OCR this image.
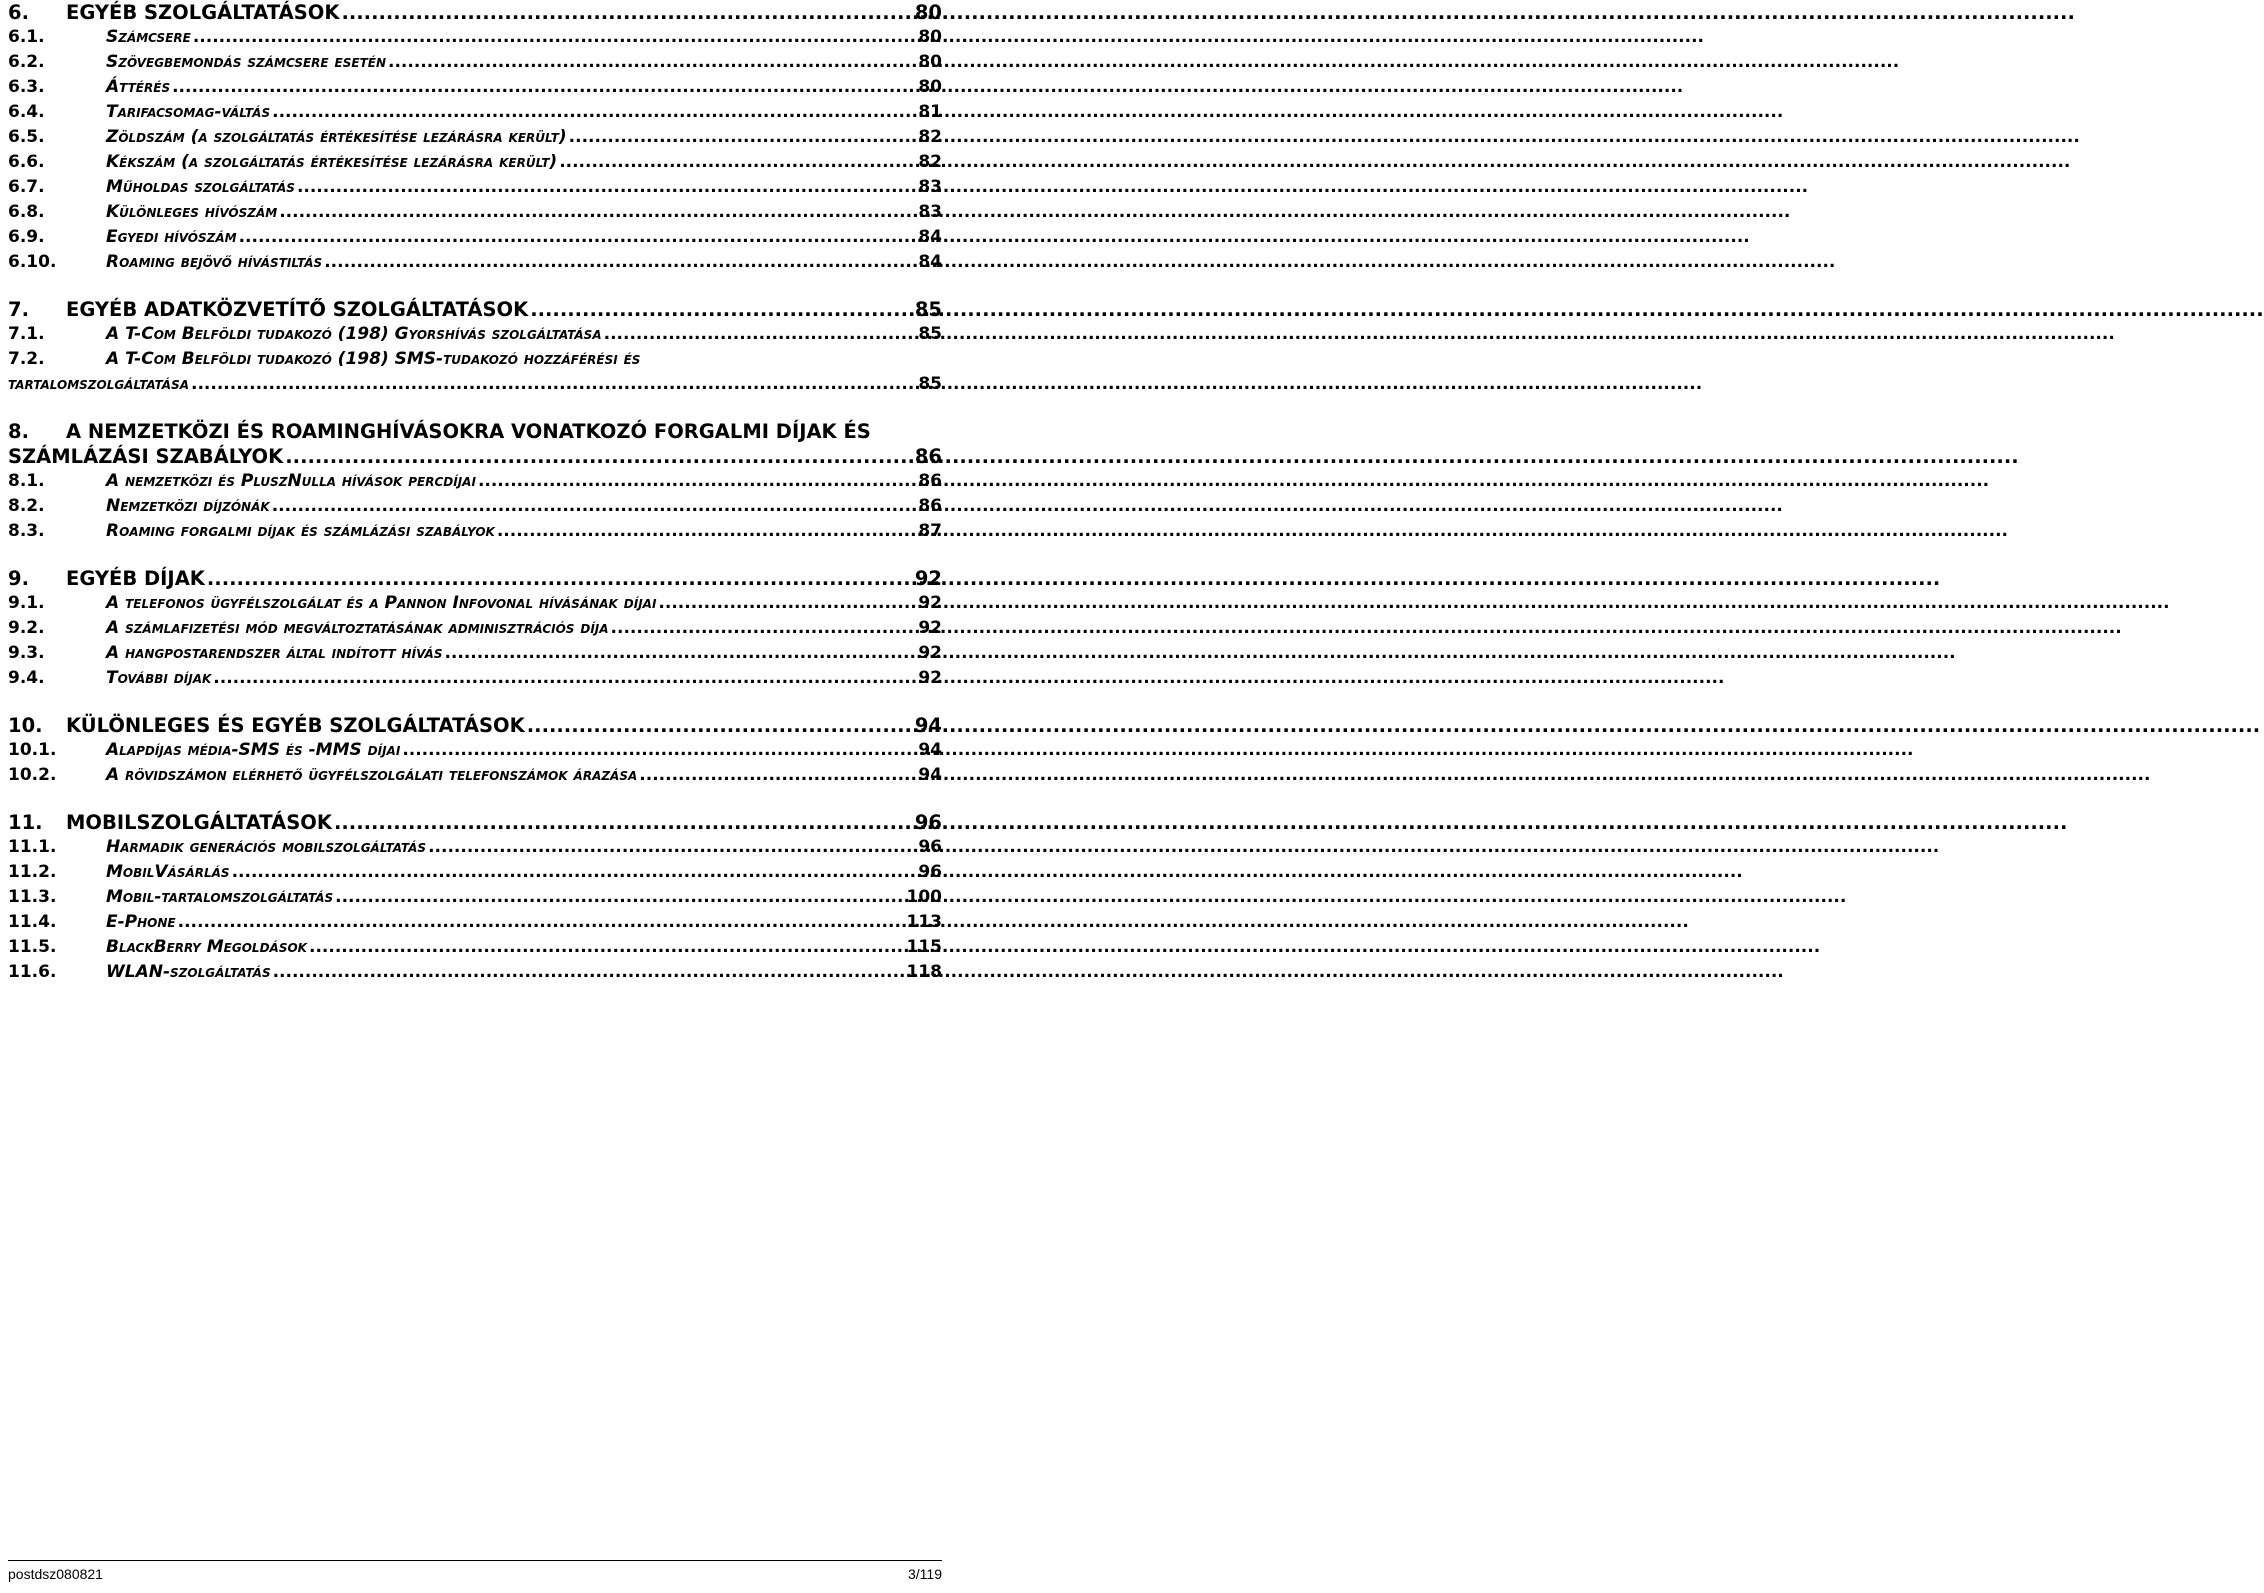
6.	EGYÉB SZOLGÁLTATÁSOK .....	80
6.1.	Számcsere .....	80
6.2.	Szövegbemondás számcsere esetén .....	80
6.3.	Áttérés .....	80
6.4.	Tarifacsomag-váltás .....	81
6.5.	Zöldszám (a szolgáltatás értékesítése lezárásra került) .....	82
6.6.	Kékszám (a szolgáltatás értékesítése lezárásra került) .....	82
6.7.	Műholdas szolgáltatás .....	83
6.8.	Különleges hívószám .....	83
6.9.	Egyedi hívószám .....	84
6.10.	Roaming bejövő hívástiltás .....	84
7.	EGYÉB ADATKÖZVETÍTŐ SZOLGÁLTATÁSOK .....	85
7.1.	A T-Com Belföldi tudakozó (198) Gyorshívás szolgáltatása .....	85
7.2.	A T-Com Belföldi tudakozó (198) SMS-tudakozó hozzáférési és
tartalomszolgáltatása .....	85
8.	A NEMZETKÖZI ÉS ROAMINGHÍVÁSOKRA VONATKOZÓ FORGALMI DÍJAK ÉS
SZÁMLÁZÁSI SZABÁLYOK .....	86
8.1.	A nemzetközi és PluszNulla hívások percdíjai .....	86
8.2.	Nemzetközi díjzónák .....	86
8.3.	Roaming forgalmi díjak és számlázási szabályok .....	87
9.	EGYÉB DÍJAK .....	92
9.1.	A telefonos ügyfélszolgálat és a Pannon Infovonal hívásának díjai .....	92
9.2.	A számlafizetési mód megváltoztatásának adminisztrációs díja .....	92
9.3.	A hangpostarendszer által indított hívás .....	92
9.4.	További díjak .....	92
10.	KÜLÖNLEGES ÉS EGYÉB SZOLGÁLTATÁSOK .....	94
10.1.	Alapdíjas média-SMS és -MMS díjai .....	94
10.2.	A rövidszámon elérhető ügyfélszolgálati telefonszámok árazása .....	94
11.	MOBILSZOLGÁLTATÁSOK .....	96
11.1.	Harmadik generációs mobilszolgáltatás .....	96
11.2.	MobilVásárlás .....	96
11.3.	Mobil-tartalomszolgáltatás .....	100
11.4.	E-Phone .....	113
11.5.	BlackBerry Megoldások .....	115
11.6.	WLAN-szolgáltatás .....	118
postdsz080821	3/119
